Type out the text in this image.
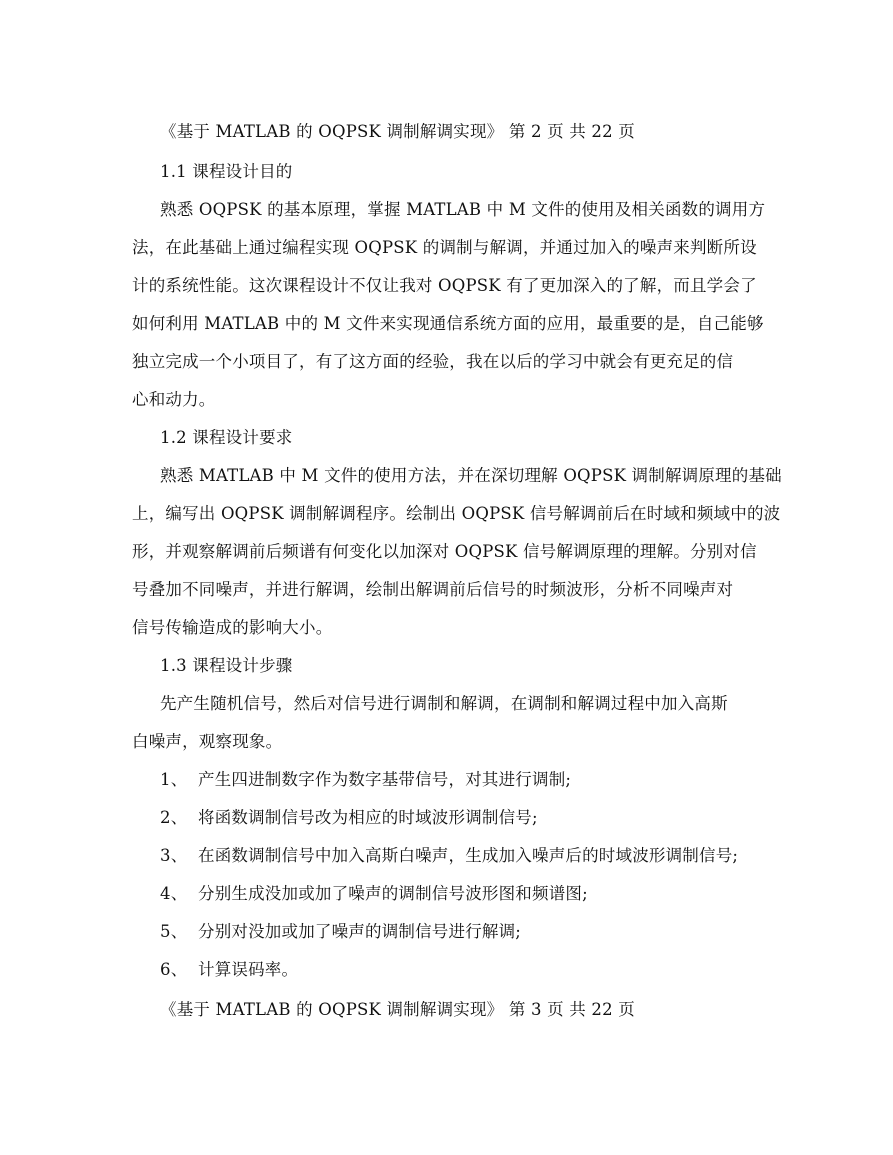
《基于 MATLAB 的 OQPSK 调制解调实现》 第 2 页 共 22 页
1.1 课程设计目的
熟悉 OQPSK 的基本原理，掌握 MATLAB 中 M 文件的使用及相关函数的调用方
法，在此基础上通过编程实现 OQPSK 的调制与解调，并通过加入的噪声来判断所设
计的系统性能。这次课程设计不仅让我对 OQPSK 有了更加深入的了解，而且学会了
如何利用 MATLAB 中的 M 文件来实现通信系统方面的应用，最重要的是，自己能够
独立完成一个小项目了，有了这方面的经验，我在以后的学习中就会有更充足的信
心和动力。
1.2 课程设计要求
熟悉 MATLAB 中 M 文件的使用方法，并在深切理解 OQPSK 调制解调原理的基础
上，编写出 OQPSK 调制解调程序。绘制出 OQPSK 信号解调前后在时域和频域中的波
形，并观察解调前后频谱有何变化以加深对 OQPSK 信号解调原理的理解。分别对信
号叠加不同噪声，并进行解调，绘制出解调前后信号的时频波形，分析不同噪声对
信号传输造成的影响大小。
1.3 课程设计步骤
先产生随机信号，然后对信号进行调制和解调，在调制和解调过程中加入高斯
白噪声，观察现象。
1、 产生四进制数字作为数字基带信号，对其进行调制;
2、 将函数调制信号改为相应的时域波形调制信号;
3、 在函数调制信号中加入高斯白噪声，生成加入噪声后的时域波形调制信号;
4、 分别生成没加或加了噪声的调制信号波形图和频谱图;
5、 分别对没加或加了噪声的调制信号进行解调;
6、 计算误码率。
《基于 MATLAB 的 OQPSK 调制解调实现》 第 3 页 共 22 页
